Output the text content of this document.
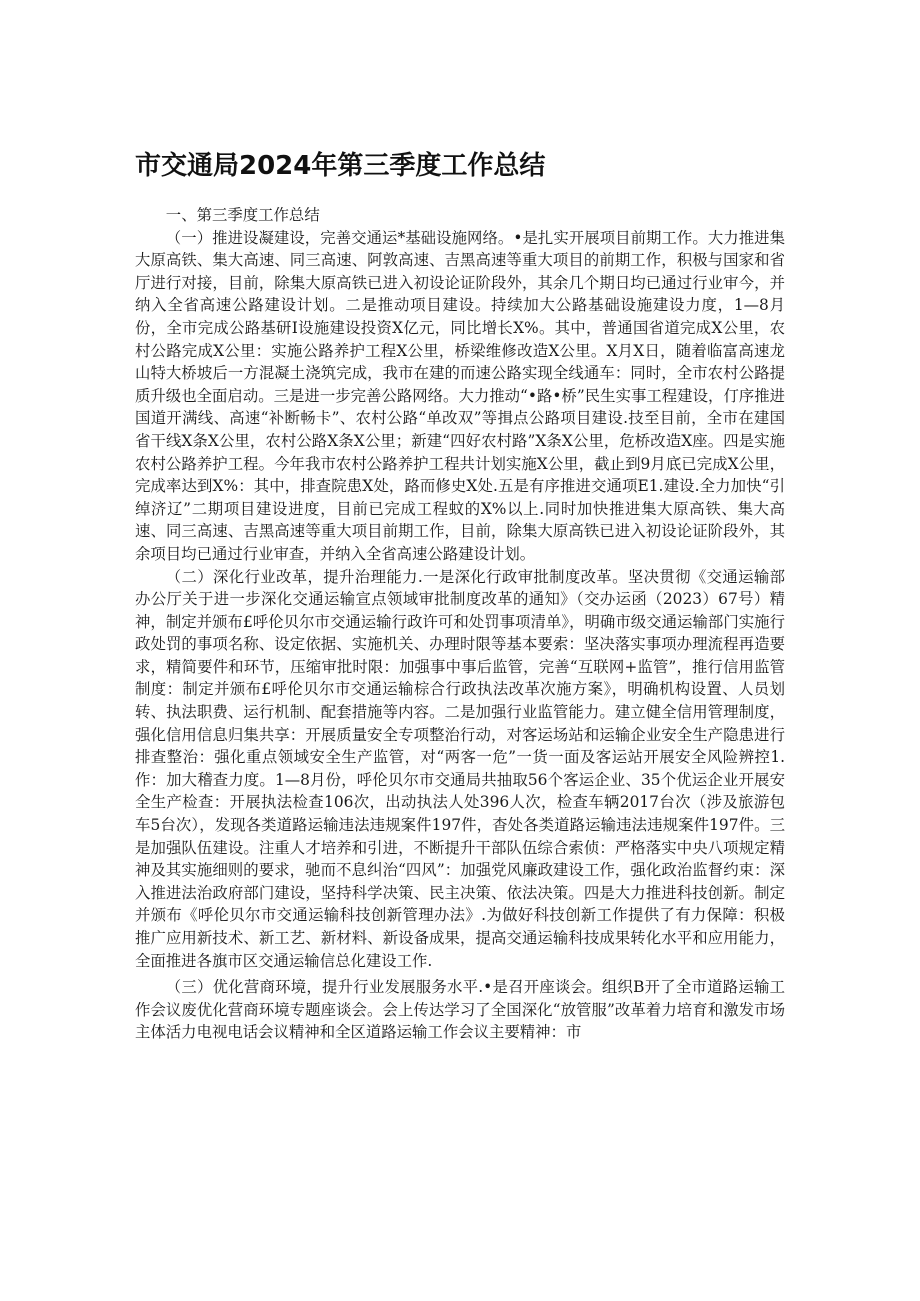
市交通局2024年第三季度工作总结

一、第三季度工作总结

（一）推进设凝建设，完善交通运*基础设施网络。•是扎实开展项目前期工作。大力推进集大原高铁、集大高速、同三高速、阿敦高速、吉黑高速等重大项目的前期工作，积极与国家和省厅进行对接，目前，除集大原高铁已进入初设论证阶段外，其余几个期日均已通过行业审今，并纳入全省高速公路建设计划。二是推动项目建设。持续加大公路基础设施建设力度，1—8月份，全市完成公路基研Ⅰ设施建设投资X亿元，同比增长X%。其中，普通国省道完成X公里，农村公路完成X公里：实施公路养护工程X公里，桥梁维修改造X公里。X月X日，随着临富高速龙山特大桥坡后一方混凝土浇筑完成，我市在建的而速公路实现全线通车：同时，全市农村公路提质升级也全面启动。三是进一步完善公路网络。大力推动“•路•桥”民生实事工程建设，仃序推进国道开满线、高速“补断畅卡”、农村公路“单改双”等揖点公路项目建设.技至目前，全市在建国省干线X条X公里，农村公路X条X公里；新建“四好农村路”X条X公里，危桥改造X座。四是实施农村公路养护工程。今年我市农村公路养护工程共计划实施X公里，截止到9月底已完成X公里，完成率达到X%：其中，排查院患X处，路而修史X处.五是有序推进交通项E1.建设.全力加快“引绰济辽”二期项目建设进度，目前已完成工程蚊的X%以上.同时加快推进集大原高铁、集大高速、同三高速、吉黑高速等重大项目前期工作，目前，除集大原高铁已进入初设论证阶段外，其余项目均已通过行业审查，并纳入全省高速公路建设计划。

（二）深化行业改革，提升治理能力.一是深化行政审批制度改革。坚决贯彻《交通运输部办公厅关于进一步深化交通运输宣点领域审批制度改革的通知》（交办运函（2023）67号）精神，制定并颁布£呼伦贝尔市交通运输行政许可和处罚事项清单》，明确市级交通运输部门实施行政处罚的事项名称、设定依据、实施机关、办理时限等基本要索：坚决落实事项办理流程再造要求，精简要件和环节，压缩审批时限：加强事中事后监管，完善“互联网+监管”，推行信用监管制度：制定并颁布£呼伦贝尔市交通运输棕合行政执法改革次施方案》，明确机构设置、人员划转、执法职费、运行机制、配套措施等内容。二是加强行业监管能力。建立健全信用管理制度，强化信用信息归集共享：开展质量安全专项整治行动，对客运场站和运输企业安全生产隐患进行排查整治：强化重点领域安全生产监管，对“两客一危”一货一面及客运站开展安全风险辨控1.作：加大稽查力度。1—8月份，呼伦贝尔市交通局共抽取56个客运企业、35个优运企业开展安全生产检查：开展执法检查106次，出动执法人处396人次，检查车辆2017台次（涉及旅游包车5台次），发现各类道路运输违法违规案件197件，杳处各类道路运输违法违规案件197件。三是加强队伍建设。注重人才培养和引进，不断提升干部队伍综合索侦：严格落实中央八项规定精神及其实施细则的要求，驰而不息纠治“四风”：加强党风廉政建设工作，强化政治监督约束：深入推进法治政府部门建设，坚持科学决策、民主决策、依法决策。四是大力推进科技创新。制定并颁布《呼伦贝尔市交通运输科技创新管理办法》.为做好科技创新工作提供了有力保障：积极推广应用新技术、新工艺、新材料、新设备成果，提高交通运输科技成果转化水平和应用能力，全面推进各旗市区交通运输信总化建设工作.

（三）优化营商环境，提升行业发展服务水平.•是召开座谈会。组织B开了全市道路运输工作会议废优化营商环境专题座谈会。会上传达学习了全国深化“放管服”改革着力培育和激发市场主体活力电视电话会议精神和全区道路运输工作会议主要精神：市
